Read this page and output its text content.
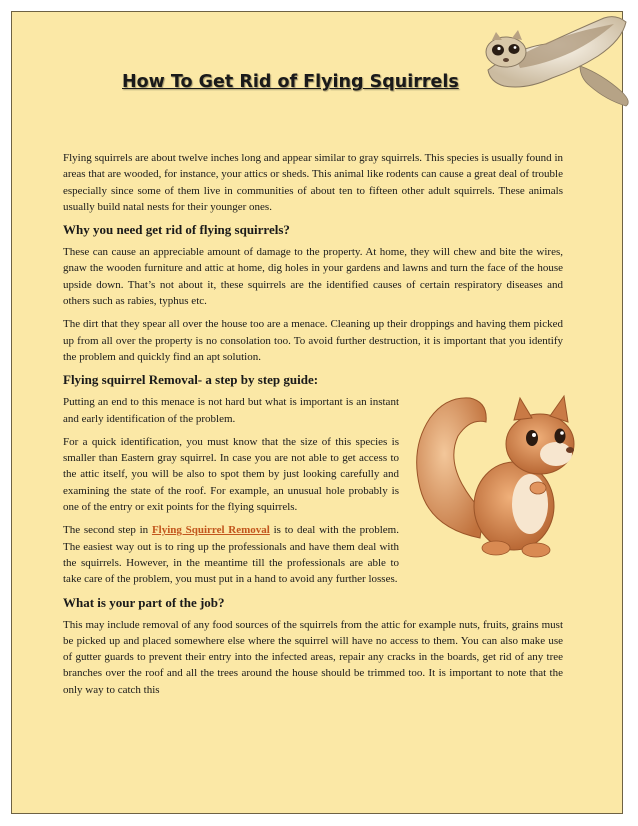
How To Get Rid of Flying Squirrels

Flying squirrels are about twelve inches long and appear similar to gray squirrels. This species is usually found in areas that are wooded, for instance, your attics or sheds. This animal like rodents can cause a great deal of trouble especially since some of them live in communities of about ten to fifteen other adult squirrels. These animals usually build natal nests for their younger ones.

Why you need get rid of flying squirrels?

These can cause an appreciable amount of damage to the property. At home, they will chew and bite the wires, gnaw the wooden furniture and attic at home, dig holes in your gardens and lawns and turn the face of the house upside down. That’s not about it, these squirrels are the identified causes of certain respiratory diseases and others such as rabies, typhus etc.

The dirt that they spear all over the house too are a menace. Cleaning up their droppings and having them picked up from all over the property is no consolation too. To avoid further destruction, it is important that you identify the problem and quickly find an apt solution.

Flying squirrel Removal- a step by step guide:

Putting an end to this menace is not hard but what is important is an instant and early identification of the problem.

For a quick identification, you must know that the size of this species is smaller than Eastern gray squirrel. In case you are not able to get access to the attic itself, you will be also to spot them by just looking carefully and examining the state of the roof. For example, an unusual hole probably is one of the entry or exit points for the flying squirrels.

The second step in Flying Squirrel Removal is to deal with the problem. The easiest way out is to ring up the professionals and have them deal with the squirrels. However, in the meantime till the professionals are able to take care of the problem, you must put in a hand to avoid any further losses.

What is your part of the job?

This may include removal of any food sources of the squirrels from the attic for example nuts, fruits, grains must be picked up and placed somewhere else where the squirrel will have no access to them. You can also make use of gutter guards to prevent their entry into the infected areas, repair any cracks in the boards, get rid of any tree branches over the roof and all the trees around the house should be trimmed too. It is important to note that the only way to catch this
